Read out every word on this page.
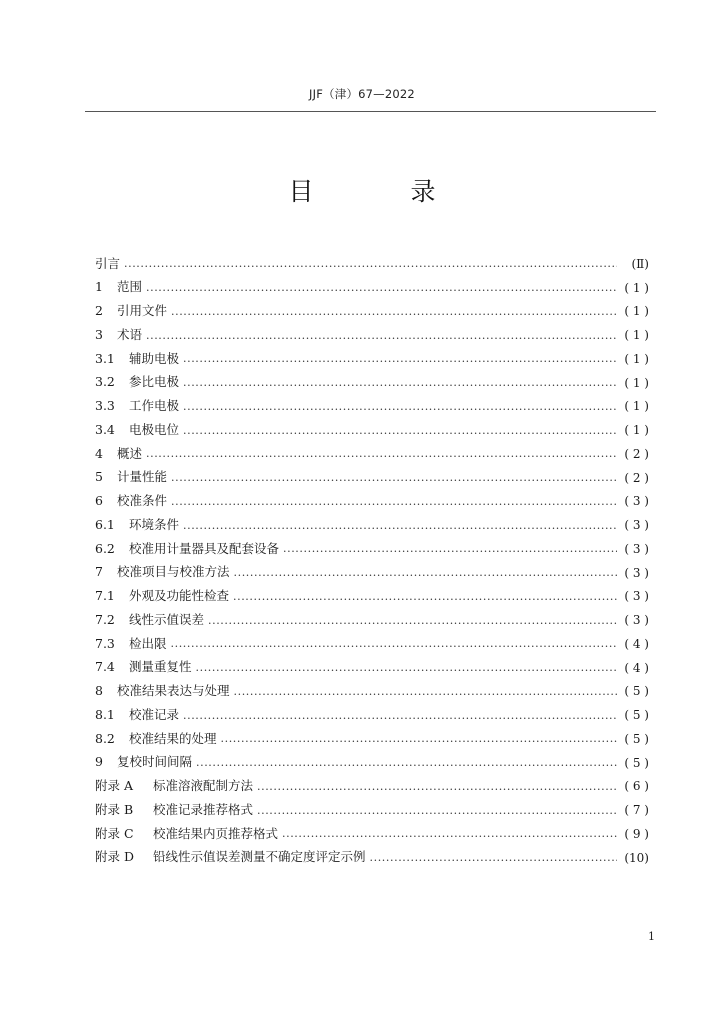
JJF（津）67—2022
目　录
引言 .....	(Ⅱ)
1	范围 .....	( 1 )
2	引用文件 .....	( 1 )
3	术语 .....	( 1 )
3.1	辅助电极 .....	( 1 )
3.2	参比电极 .....	( 1 )
3.3	工作电极 .....	( 1 )
3.4	电极电位 .....	( 1 )
4	概述 .....	( 2 )
5	计量性能 .....	( 2 )
6	校准条件 .....	( 3 )
6.1	环境条件 .....	( 3 )
6.2	校准用计量器具及配套设备 .....	( 3 )
7	校准项目与校准方法 .....	( 3 )
7.1	外观及功能性检查 .....	( 3 )
7.2	线性示值误差 .....	( 3 )
7.3	检出限 .....	( 4 )
7.4	测量重复性 .....	( 4 )
8	校准结果表达与处理 .....	( 5 )
8.1	校准记录 .....	( 5 )
8.2	校准结果的处理 .....	( 5 )
9	复校时间间隔 .....	( 5 )
附录 A	标准溶液配制方法 .....	( 6 )
附录 B	校准记录推荐格式 .....	( 7 )
附录 C	校准结果内页推荐格式 .....	( 9 )
附录 D	铅线性示值误差测量不确定度评定示例 .....	(10)
1
